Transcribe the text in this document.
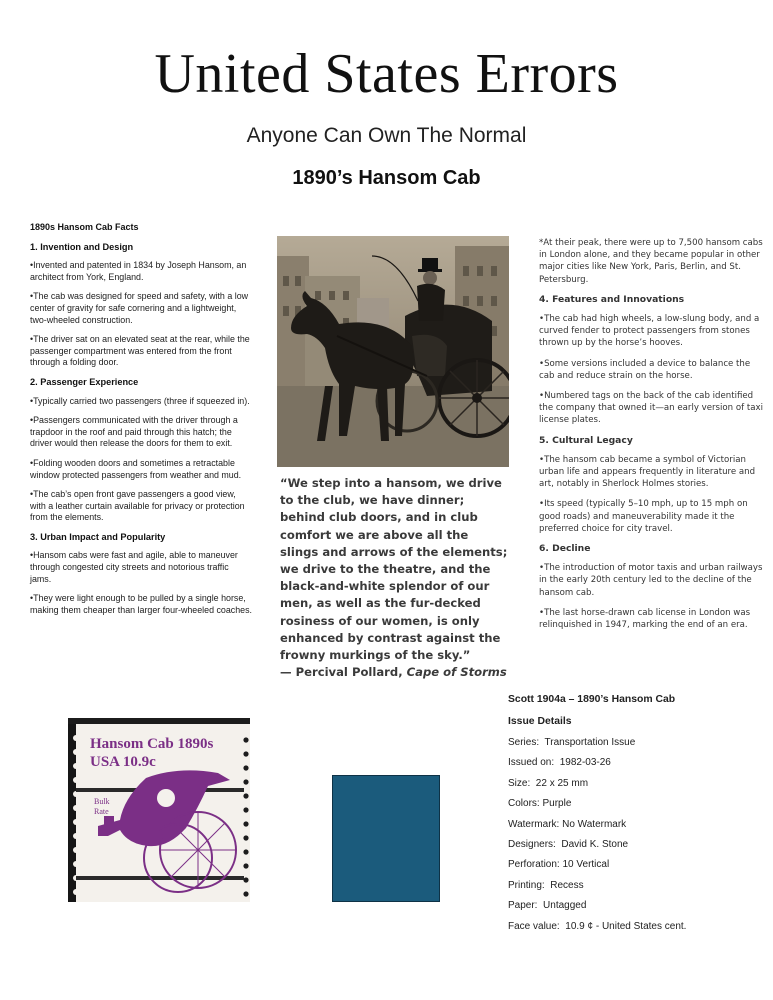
United States Errors
Anyone Can Own The Normal
1890’s Hansom Cab
1890s Hansom Cab Facts
1. Invention and Design

•Invented and patented in 1834 by Joseph Hansom, an architect from York, England.

•The cab was designed for speed and safety, with a low center of gravity for safe cornering and a lightweight, two-wheeled construction.

•The driver sat on an elevated seat at the rear, while the passenger compartment was entered from the front through a folding door.

2. Passenger Experience

•Typically carried two passengers (three if squeezed in).

•Passengers communicated with the driver through a trapdoor in the roof and paid through this hatch; the driver would then release the doors for them to exit.

•Folding wooden doors and sometimes a retractable window protected passengers from weather and mud.

•The cab’s open front gave passengers a good view, with a leather curtain available for privacy or protection from the elements.

3. Urban Impact and Popularity

•Hansom cabs were fast and agile, able to maneuver through congested city streets and notorious traffic jams.

•They were light enough to be pulled by a single horse, making them cheaper than larger four-wheeled coaches.

“We step into a hansom, we drive to the club, we have dinner; behind club doors, and in club comfort we are above all the slings and arrows of the elements; we drive to the theatre, and the black-and-white splendor of our men, as well as the fur-decked rosiness of our women, is only enhanced by contrast against the frowny murkings of the sky.”
— Percival Pollard, Cape of Storms

*At their peak, there were up to 7,500 hansom cabs in London alone, and they became popular in other major cities like New York, Paris, Berlin, and St. Petersburg.

4. Features and Innovations

•The cab had high wheels, a low-slung body, and a curved fender to protect passengers from stones thrown up by the horse’s hooves.

•Some versions included a device to balance the cab and reduce strain on the horse.

•Numbered tags on the back of the cab identified the company that owned it—an early version of taxi license plates.

5. Cultural Legacy

•The hansom cab became a symbol of Victorian urban life and appears frequently in literature and art, notably in Sherlock Holmes stories.

•Its speed (typically 5–10 mph, up to 15 mph on good roads) and maneuverability made it the preferred choice for city travel.

6. Decline

•The introduction of motor taxis and urban railways in the early 20th century led to the decline of the hansom cab.

•The last horse-drawn cab license in London was relinquished in 1947, marking the end of an era.

Hansom Cab 1890s
USA 10.9c
Bulk
Rate
Scott 1904a – 1890’s Hansom Cab
Issue Details
Series: Transportation Issue
Issued on: 1982-03-26
Size: 22 x 25 mm
Colors: Purple
Watermark: No Watermark
Designers: David K. Stone
Perforation: 10 Vertical
Printing: Recess
Paper: Untagged
Face value: 10.9 ¢ - United States cent.
